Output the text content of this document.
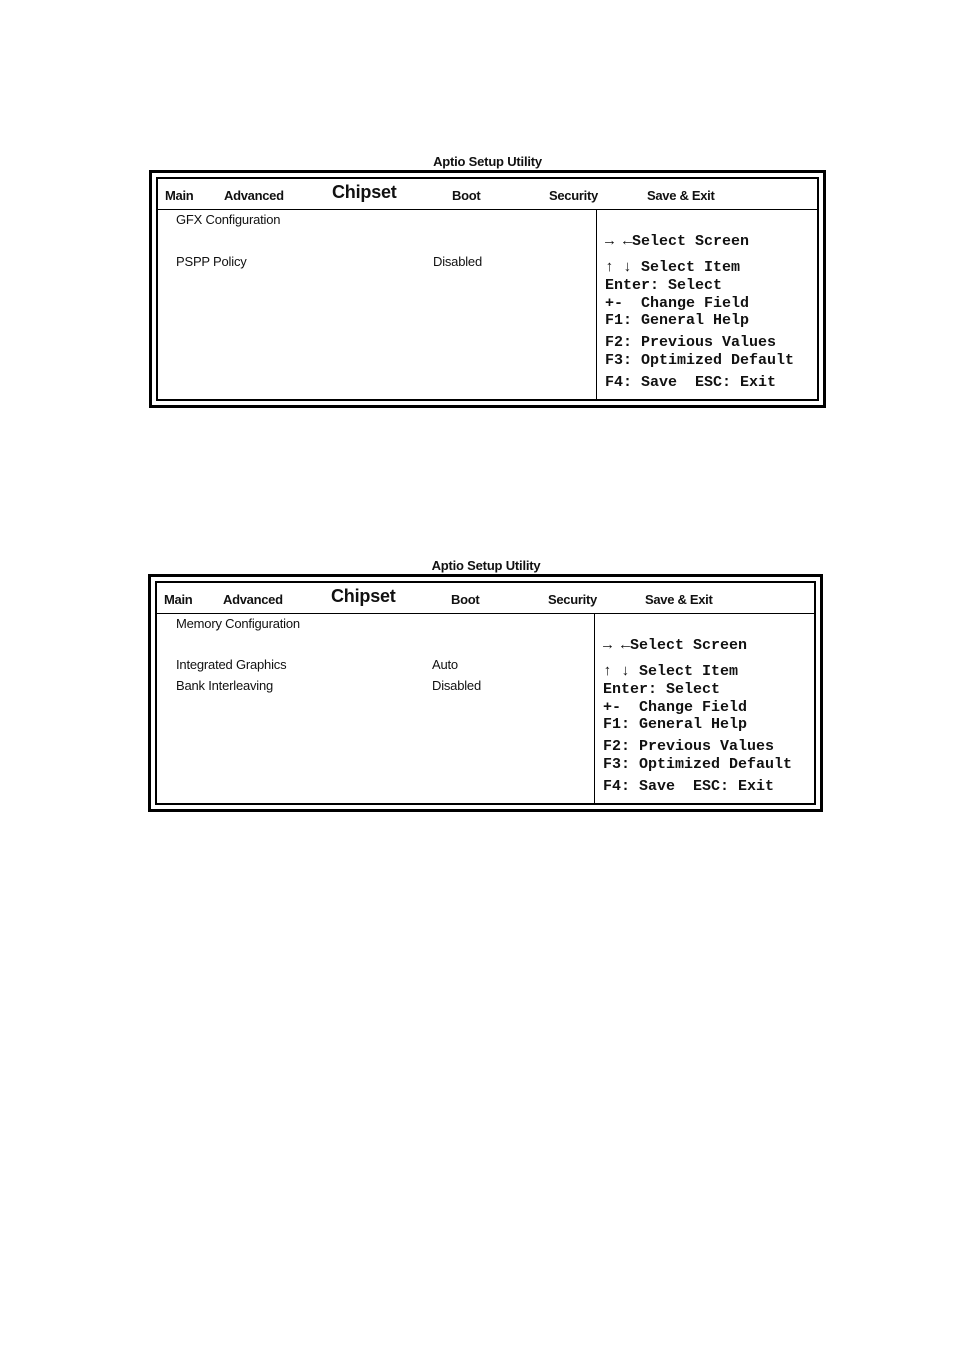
Aptio Setup Utility
Main Advanced	Chipset	Boot	Security	Save & Exit
GFX Configuration
PSPP Policy	Disabled
→ ←Select Screen
↑ ↓ Select Item
Enter: Select
+-  Change Field
F1: General Help
F2: Previous Values
F3: Optimized Default
F4: Save  ESC: Exit
Aptio Setup Utility
Main Advanced	Chipset	Boot	Security	Save & Exit
Memory Configuration
Integrated Graphics	Auto
Bank Interleaving	Disabled
→ ←Select Screen
↑ ↓ Select Item
Enter: Select
+-  Change Field
F1: General Help
F2: Previous Values
F3: Optimized Default
F4: Save  ESC: Exit
